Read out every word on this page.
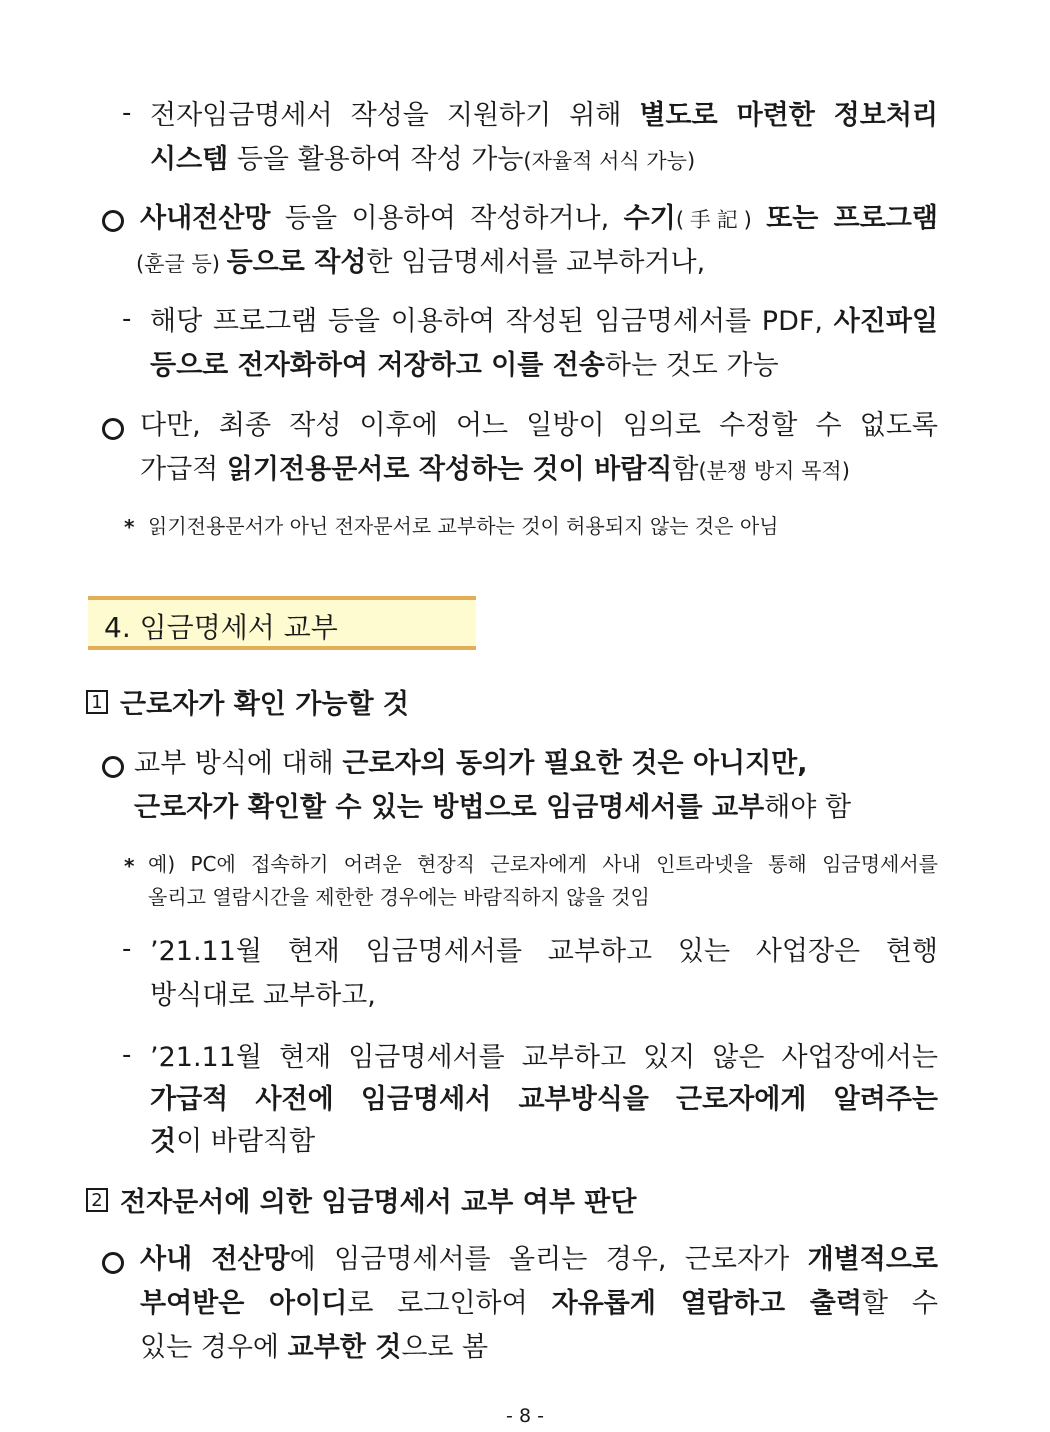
- 전자임금명세서 작성을 지원하기 위해 별도로 마련한 정보처리
시스템 등을 활용하여 작성 가능(자율적 서식 가능)
사내전산망 등을 이용하여 작성하거나, 수기(手記) 또는 프로그램
(훈글 등) 등으로 작성한 임금명세서를 교부하거나,
- 해당 프로그램 등을 이용하여 작성된 임금명세서를 PDF, 사진파일
등으로 전자화하여 저장하고 이를 전송하는 것도 가능
다만, 최종 작성 이후에 어느 일방이 임의로 수정할 수 없도록
가급적 읽기전용문서로 작성하는 것이 바람직함(분쟁 방지 목적)
* 읽기전용문서가 아닌 전자문서로 교부하는 것이 허용되지 않는 것은 아님
4. 임금명세서 교부
1 근로자가 확인 가능할 것
교부 방식에 대해 근로자의 동의가 필요한 것은 아니지만,
근로자가 확인할 수 있는 방법으로 임금명세서를 교부해야 함
* 예) PC에 접속하기 어려운 현장직 근로자에게 사내 인트라넷을 통해 임금명세서를
올리고 열람시간을 제한한 경우에는 바람직하지 않을 것임
- ’21.11월 현재 임금명세서를 교부하고 있는 사업장은 현행
방식대로 교부하고,
- ’21.11월 현재 임금명세서를 교부하고 있지 않은 사업장에서는
가급적 사전에 임금명세서 교부방식을 근로자에게 알려주는
것이 바람직함
2 전자문서에 의한 임금명세서 교부 여부 판단
사내 전산망에 임금명세서를 올리는 경우, 근로자가 개별적으로
부여받은 아이디로 로그인하여 자유롭게 열람하고 출력할 수
있는 경우에 교부한 것으로 봄
- 8 -
